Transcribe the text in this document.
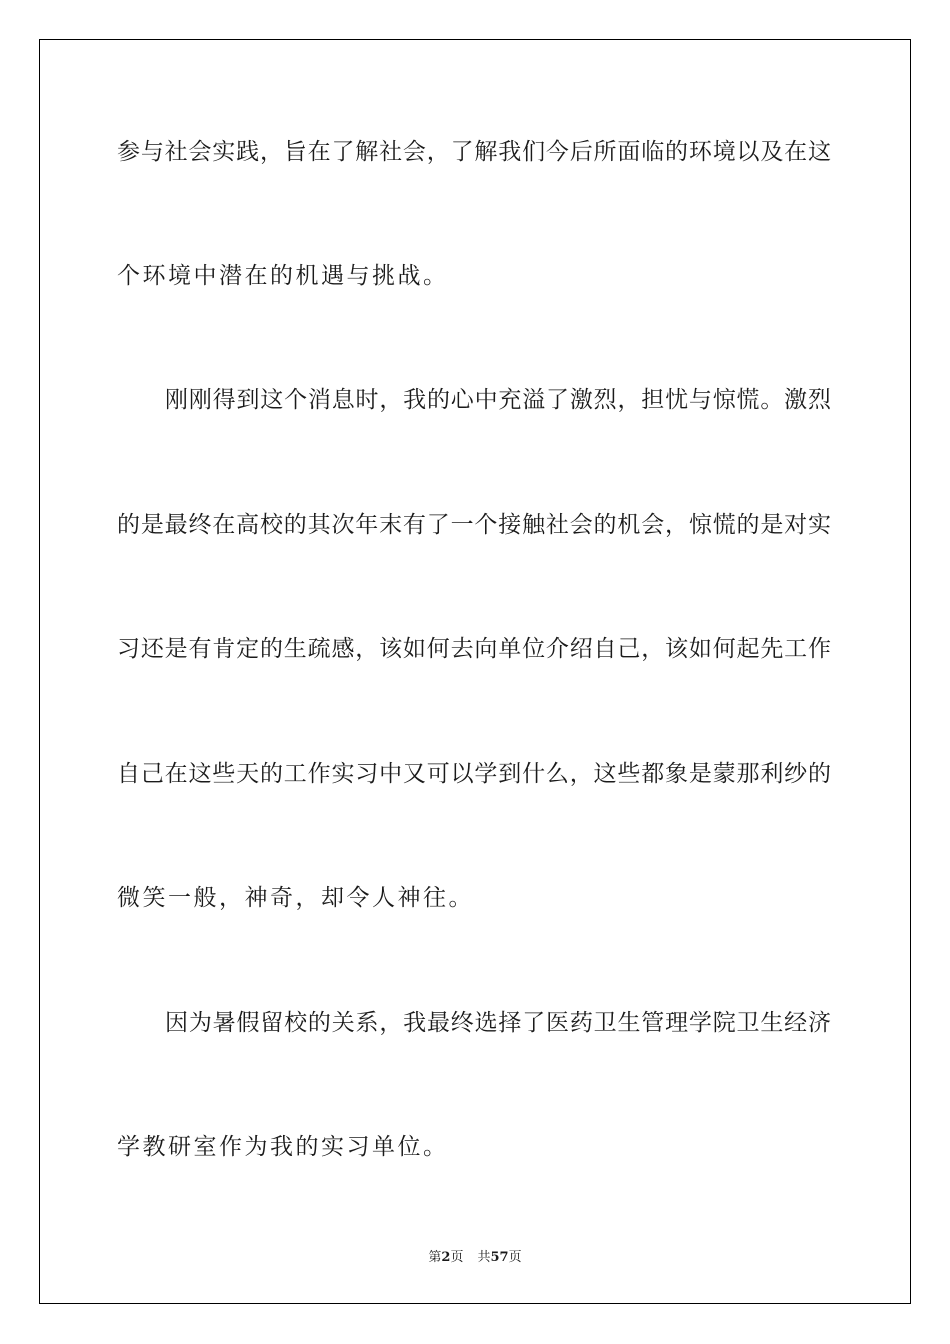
参与社会实践，旨在了解社会，了解我们今后所面临的环境以及在这
个环境中潜在的机遇与挑战。
刚刚得到这个消息时，我的心中充溢了激烈，担忧与惊慌。激烈
的是最终在高校的其次年末有了一个接触社会的机会，惊慌的是对实
习还是有肯定的生疏感，该如何去向单位介绍自己，该如何起先工作
自己在这些天的工作实习中又可以学到什么，这些都象是蒙那利纱的
微笑一般，神奇，却令人神往。
因为暑假留校的关系，我最终选择了医药卫生管理学院卫生经济
学教研室作为我的实习单位。
第2页 共57页
